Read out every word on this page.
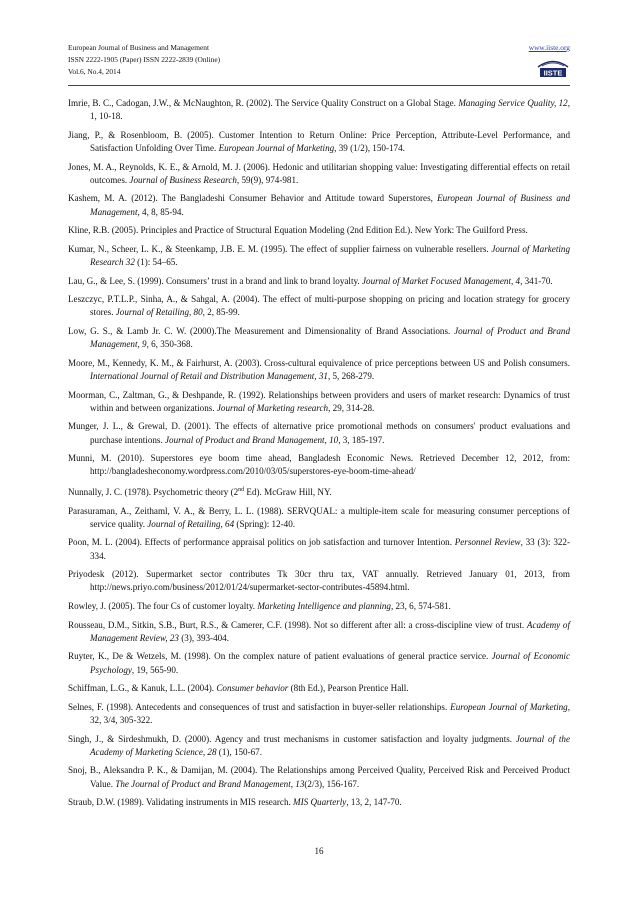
European Journal of Business and Management
ISSN 2222-1905 (Paper) ISSN 2222-2839 (Online)
Vol.6, No.4, 2014
www.iiste.org
IISTE
Imrie, B. C., Cadogan, J.W., & McNaughton, R. (2002). The Service Quality Construct on a Global Stage. Managing Service Quality, 12, 1, 10-18.
Jiang, P., & Rosenbloom, B. (2005). Customer Intention to Return Online: Price Perception, Attribute-Level Performance, and Satisfaction Unfolding Over Time. European Journal of Marketing, 39 (1/2), 150-174.
Jones, M. A., Reynolds, K. E., & Arnold, M. J. (2006). Hedonic and utilitarian shopping value: Investigating differential effects on retail outcomes. Journal of Business Research, 59(9), 974-981.
Kashem, M. A. (2012). The Bangladeshi Consumer Behavior and Attitude toward Superstores, European Journal of Business and Management, 4, 8, 85-94.
Kline, R.B. (2005). Principles and Practice of Structural Equation Modeling (2nd Edition Ed.). New York: The Guilford Press.
Kumar, N., Scheer, L. K., & Steenkamp, J.B. E. M. (1995). The effect of supplier fairness on vulnerable resellers. Journal of Marketing Research 32 (1): 54–65.
Lau, G., & Lee, S. (1999). Consumers’ trust in a brand and link to brand loyalty. Journal of Market Focused Management, 4, 341-70.
Leszczyc, P.T.L.P., Sinha, A., & Sahgal, A. (2004). The effect of multi-purpose shopping on pricing and location strategy for grocery stores. Journal of Retailing, 80, 2, 85-99.
Low, G. S., & Lamb Jr. C. W. (2000).The Measurement and Dimensionality of Brand Associations. Journal of Product and Brand Management, 9, 6, 350-368.
Moore, M., Kennedy, K. M., & Fairhurst, A. (2003). Cross-cultural equivalence of price perceptions between US and Polish consumers. International Journal of Retail and Distribution Management, 31, 5, 268-279.
Moorman, C., Zaltman, G., & Deshpande, R. (1992). Relationships between providers and users of market research: Dynamics of trust within and between organizations. Journal of Marketing research, 29, 314-28.
Munger, J. L., & Grewal, D. (2001). The effects of alternative price promotional methods on consumers' product evaluations and purchase intentions. Journal of Product and Brand Management, 10, 3, 185-197.
Munni, M. (2010). Superstores eye boom time ahead, Bangladesh Economic News. Retrieved December 12, 2012, from: http://bangladesheconomy.wordpress.com/2010/03/05/superstores-eye-boom-time-ahead/
Nunnally, J. C. (1978). Psychometric theory (2nd Ed). McGraw Hill, NY.
Parasuraman, A., Zeithaml, V. A., & Berry, L. L. (1988). SERVQUAL: a multiple-item scale for measuring consumer perceptions of service quality. Journal of Retailing, 64 (Spring): 12-40.
Poon, M. L. (2004). Effects of performance appraisal politics on job satisfaction and turnover Intention. Personnel Review, 33 (3): 322-334.
Priyodesk (2012). Supermarket sector contributes Tk 30cr thru tax, VAT annually. Retrieved January 01, 2013, from http://news.priyo.com/business/2012/01/24/supermarket-sector-contributes-45894.html.
Rowley, J. (2005). The four Cs of customer loyalty. Marketing Intelligence and planning, 23, 6, 574-581.
Rousseau, D.M., Sitkin, S.B., Burt, R.S., & Camerer, C.F. (1998). Not so different after all: a cross-discipline view of trust. Academy of Management Review, 23 (3), 393-404.
Ruyter, K., De & Wetzels, M. (1998). On the complex nature of patient evaluations of general practice service. Journal of Economic Psychology, 19, 565-90.
Schiffman, L.G., & Kanuk, L.L. (2004). Consumer behavior (8th Ed.), Pearson Prentice Hall.
Selnes, F. (1998). Antecedents and consequences of trust and satisfaction in buyer-seller relationships. European Journal of Marketing, 32, 3/4, 305-322.
Singh, J., & Sirdeshmukh, D. (2000). Agency and trust mechanisms in customer satisfaction and loyalty judgments. Journal of the Academy of Marketing Science, 28 (1), 150-67.
Snoj, B., Aleksandra P. K., & Damijan, M. (2004). The Relationships among Perceived Quality, Perceived Risk and Perceived Product Value. The Journal of Product and Brand Management, 13(2/3), 156-167.
Straub, D.W. (1989). Validating instruments in MIS research. MIS Quarterly, 13, 2, 147-70.
16
